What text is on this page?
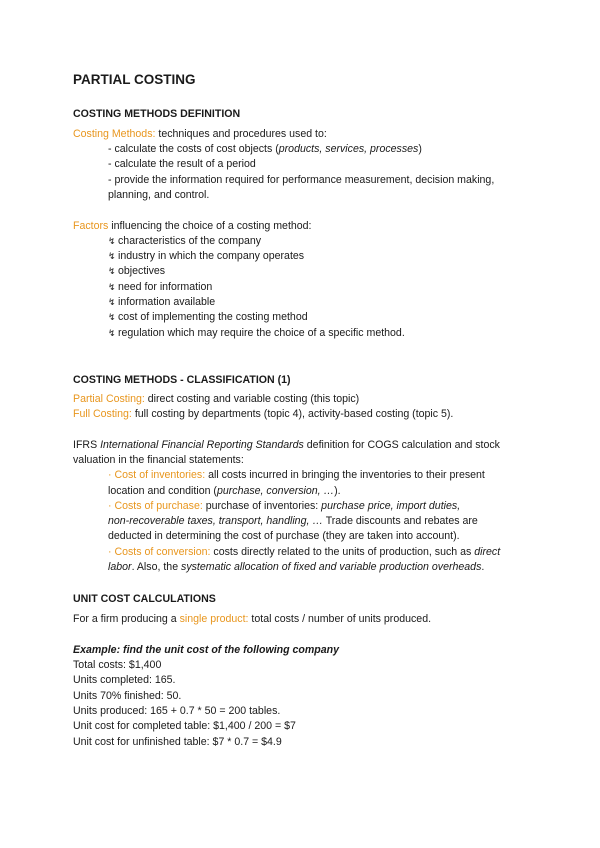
PARTIAL COSTING
COSTING METHODS DEFINITION
Costing Methods: techniques and procedures used to:
- calculate the costs of cost objects (products, services, processes)
- calculate the result of a period
- provide the information required for performance measurement, decision making,
planning, and control.
Factors influencing the choice of a costing method:
↯ characteristics of the company
↯ industry in which the company operates
↯ objectives
↯ need for information
↯ information available
↯ cost of implementing the costing method
↯ regulation which may require the choice of a specific method.
COSTING METHODS - CLASSIFICATION (1)
Partial Costing: direct costing and variable costing (this topic)
Full Costing: full costing by departments (topic 4), activity-based costing (topic 5).
IFRS International Financial Reporting Standards definition for COGS calculation and stock
valuation in the financial statements:
· Cost of inventories: all costs incurred in bringing the inventories to their present
location and condition (purchase, conversion, …).
· Costs of purchase: purchase of inventories: purchase price, import duties,
non-recoverable taxes, transport, handling, … Trade discounts and rebates are
deducted in determining the cost of purchase (they are taken into account).
· Costs of conversion: costs directly related to the units of production, such as direct
labor. Also, the systematic allocation of fixed and variable production overheads.
UNIT COST CALCULATIONS
For a firm producing a single product: total costs / number of units produced.
Example: find the unit cost of the following company
Total costs: $1,400
Units completed: 165.
Units 70% finished: 50.
Units produced: 165 + 0.7 * 50 = 200 tables.
Unit cost for completed table: $1,400 / 200 = $7
Unit cost for unfinished table: $7 * 0.7 = $4.9
